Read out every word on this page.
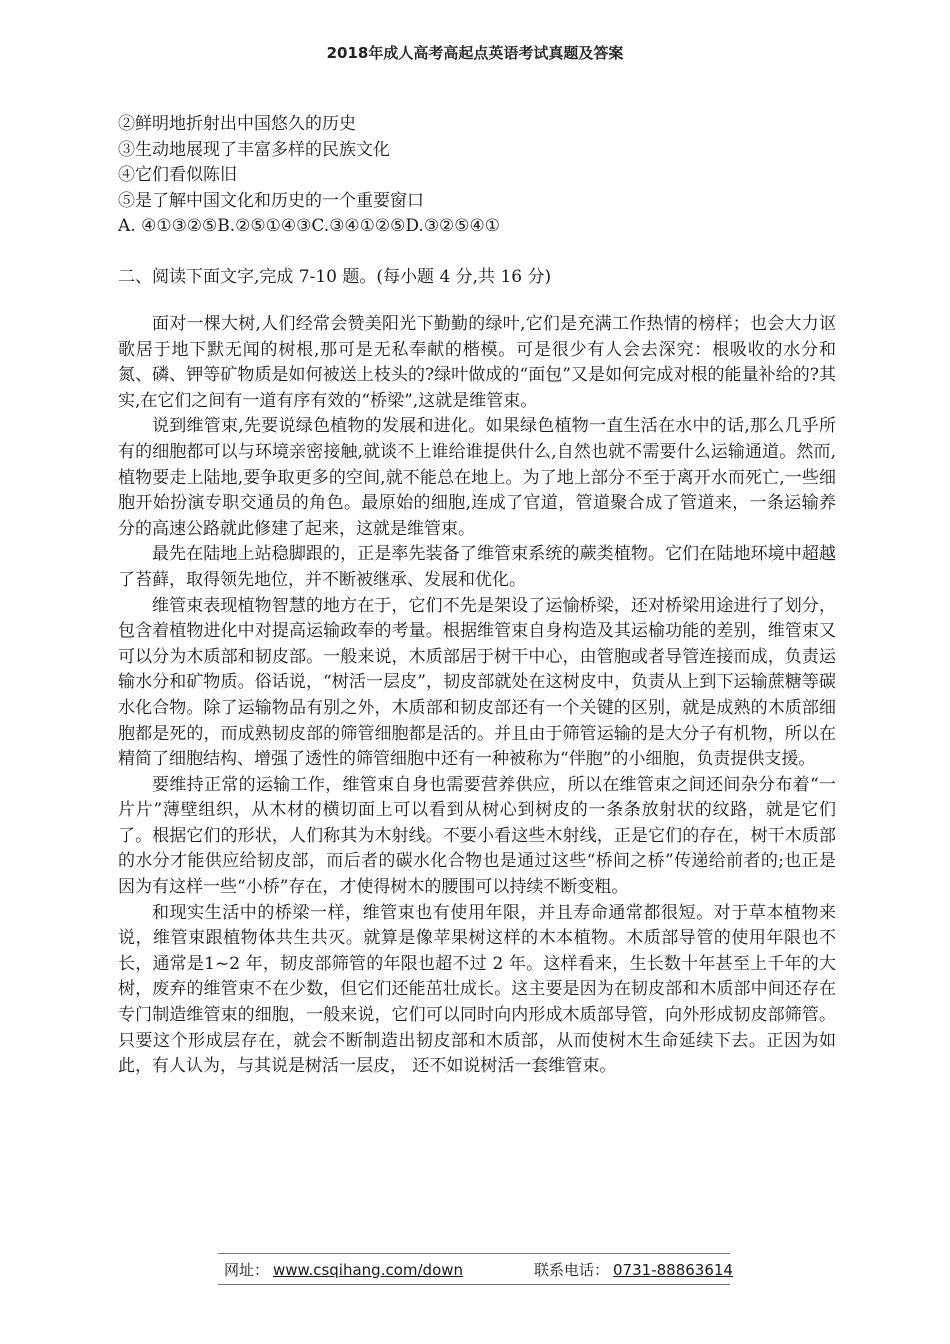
2018年成人高考高起点英语考试真题及答案
②鲜明地折射出中国悠久的历史
③生动地展现了丰富多样的民族文化
④它们看似陈旧
⑤是了解中国文化和历史的一个重要窗口
A. ④①③②⑤B.②⑤①④③C.③④①②⑤D.③②⑤④①
二、阅读下面文字,完成 7-10 题。(每小题 4 分,共 16 分)

面对一棵大树,人们经常会赞美阳光下勤勤的绿叶,它们是充满工作热情的榜样；也会大力讴歌居于地下默无闻的树根,那可是无私奉献的楷模。可是很少有人会去深究：根吸收的水分和氮、磷、钾等矿物质是如何被送上枝头的?绿叶做成的“面包”又是如何完成对根的能量补给的?其实,在它们之间有一道有序有效的“桥梁”,这就是维管束。

说到维管束,先要说绿色植物的发展和进化。如果绿色植物一直生活在水中的话,那么几乎所有的细胞都可以与环境亲密接触,就谈不上谁给谁提供什么,自然也就不需要什么运输通道。然而,植物要走上陆地,要争取更多的空间,就不能总在地上。为了地上部分不至于离开水而死亡,一些细胞开始扮演专职交通员的角色。最原始的细胞,连成了官道，管道聚合成了管道来，一条运输养分的高速公路就此修建了起来，这就是维管束。

最先在陆地上站稳脚跟的，正是率先装备了维管束系统的蕨类植物。它们在陆地环境中超越了苔藓，取得领先地位，并不断被继承、发展和优化。

维管束表现植物智慧的地方在于，它们不先是架设了运愉桥梁，还对桥梁用途进行了划分，包含着植物进化中对提高运输政奉的考量。根据维管束自身构造及其运榆功能的差别，维管束又可以分为木质部和韧皮部。一般来说，木质部居于树干中心，由管胞或者导管连接而成，负责运输水分和矿物质。俗话说，“树活一层皮”，韧皮部就处在这树皮中，负责从上到下运输蔗糖等碳水化合物。除了运输物品有别之外，木质部和韧皮部还有一个关键的区别，就是成熟的木质部细胞都是死的，而成熟韧皮部的筛管细胞都是活的。并且由于筛管运输的是大分子有机物，所以在精简了细胞结构、增强了透性的筛管细胞中还有一种被称为“伴胞”的小细胞，负责提供支援。

要维持正常的运输工作，维管束自身也需要营养供应，所以在维管束之间还间杂分布着“一片片”薄壁组织，从木材的横切面上可以看到从树心到树皮的一条条放射状的纹路，就是它们了。根据它们的形状，人们称其为木射线。不要小看这些木射线，正是它们的存在，树干木质部的水分才能供应给韧皮部，而后者的碳水化合物也是通过这些“桥间之桥”传递给前者的;也正是因为有这样一些“小桥”存在，才使得树木的腰围可以持续不断变粗。

和现实生活中的桥梁一样，维管束也有使用年限，并且寿命通常都很短。对于草本植物来说，维管束跟植物体共生共灭。就算是像苹果树这样的木本植物。木质部导管的使用年限也不长，通常是1~2 年，韧皮部筛管的年限也超不过 2 年。这样看来，生长数十年甚至上千年的大树，废弃的维管束不在少数，但它们还能茁壮成长。这主要是因为在韧皮部和木质部中间还存在专门制造维管束的细胞，一般来说，它们可以同时向内形成木质部导管，向外形成韧皮部筛管。只要这个形成层存在，就会不断制造出韧皮部和木质部，从而使树木生命延续下去。正因为如此，有人认为，与其说是树活一层皮， 还不如说树活一套维管束。

网址： www.csqihang.com/down	联系电话： 0731-88863614
